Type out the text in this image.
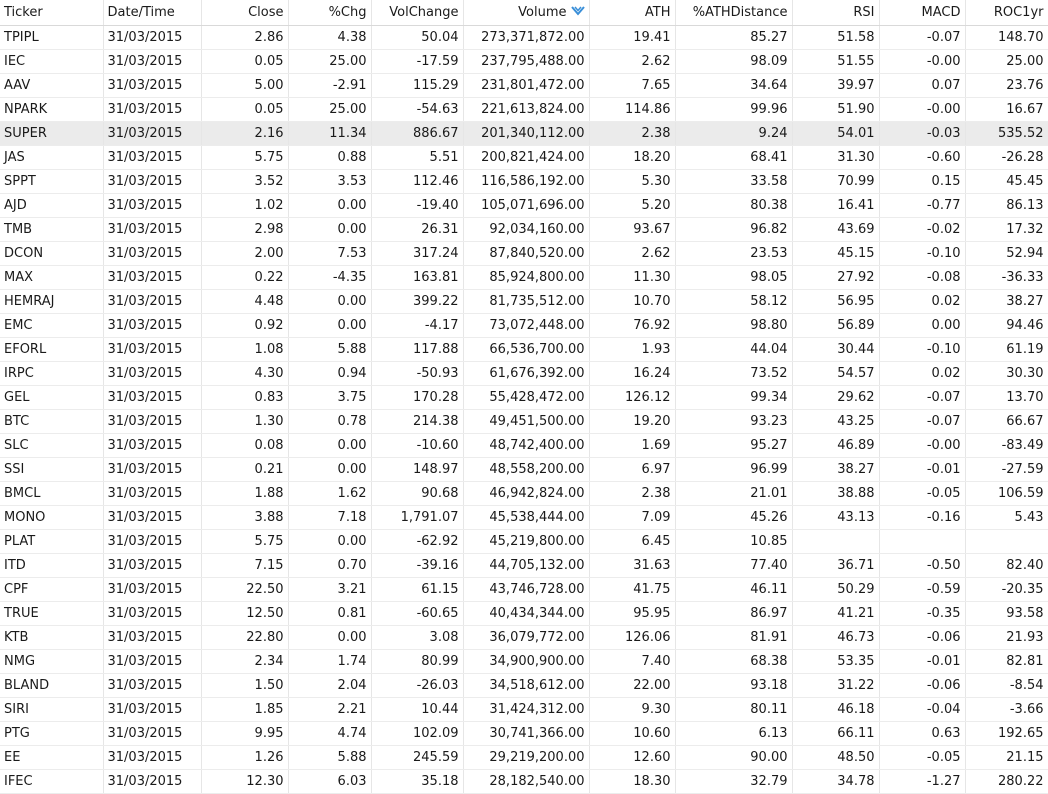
Ticker	Date/Time	Close	%Chg	VolChange	Volume	ATH	%ATHDistance	RSI	MACD	ROC1yr
TPIPL	31/03/2015	2.86	4.38	50.04	273,371,872.00	19.41	85.27	51.58	-0.07	148.70
IEC	31/03/2015	0.05	25.00	-17.59	237,795,488.00	2.62	98.09	51.55	-0.00	25.00
AAV	31/03/2015	5.00	-2.91	115.29	231,801,472.00	7.65	34.64	39.97	0.07	23.76
NPARK	31/03/2015	0.05	25.00	-54.63	221,613,824.00	114.86	99.96	51.90	-0.00	16.67
SUPER	31/03/2015	2.16	11.34	886.67	201,340,112.00	2.38	9.24	54.01	-0.03	535.52
JAS	31/03/2015	5.75	0.88	5.51	200,821,424.00	18.20	68.41	31.30	-0.60	-26.28
SPPT	31/03/2015	3.52	3.53	112.46	116,586,192.00	5.30	33.58	70.99	0.15	45.45
AJD	31/03/2015	1.02	0.00	-19.40	105,071,696.00	5.20	80.38	16.41	-0.77	86.13
TMB	31/03/2015	2.98	0.00	26.31	92,034,160.00	93.67	96.82	43.69	-0.02	17.32
DCON	31/03/2015	2.00	7.53	317.24	87,840,520.00	2.62	23.53	45.15	-0.10	52.94
MAX	31/03/2015	0.22	-4.35	163.81	85,924,800.00	11.30	98.05	27.92	-0.08	-36.33
HEMRAJ	31/03/2015	4.48	0.00	399.22	81,735,512.00	10.70	58.12	56.95	0.02	38.27
EMC	31/03/2015	0.92	0.00	-4.17	73,072,448.00	76.92	98.80	56.89	0.00	94.46
EFORL	31/03/2015	1.08	5.88	117.88	66,536,700.00	1.93	44.04	30.44	-0.10	61.19
IRPC	31/03/2015	4.30	0.94	-50.93	61,676,392.00	16.24	73.52	54.57	0.02	30.30
GEL	31/03/2015	0.83	3.75	170.28	55,428,472.00	126.12	99.34	29.62	-0.07	13.70
BTC	31/03/2015	1.30	0.78	214.38	49,451,500.00	19.20	93.23	43.25	-0.07	66.67
SLC	31/03/2015	0.08	0.00	-10.60	48,742,400.00	1.69	95.27	46.89	-0.00	-83.49
SSI	31/03/2015	0.21	0.00	148.97	48,558,200.00	6.97	96.99	38.27	-0.01	-27.59
BMCL	31/03/2015	1.88	1.62	90.68	46,942,824.00	2.38	21.01	38.88	-0.05	106.59
MONO	31/03/2015	3.88	7.18	1,791.07	45,538,444.00	7.09	45.26	43.13	-0.16	5.43
PLAT	31/03/2015	5.75	0.00	-62.92	45,219,800.00	6.45	10.85			
ITD	31/03/2015	7.15	0.70	-39.16	44,705,132.00	31.63	77.40	36.71	-0.50	82.40
CPF	31/03/2015	22.50	3.21	61.15	43,746,728.00	41.75	46.11	50.29	-0.59	-20.35
TRUE	31/03/2015	12.50	0.81	-60.65	40,434,344.00	95.95	86.97	41.21	-0.35	93.58
KTB	31/03/2015	22.80	0.00	3.08	36,079,772.00	126.06	81.91	46.73	-0.06	21.93
NMG	31/03/2015	2.34	1.74	80.99	34,900,900.00	7.40	68.38	53.35	-0.01	82.81
BLAND	31/03/2015	1.50	2.04	-26.03	34,518,612.00	22.00	93.18	31.22	-0.06	-8.54
SIRI	31/03/2015	1.85	2.21	10.44	31,424,312.00	9.30	80.11	46.18	-0.04	-3.66
PTG	31/03/2015	9.95	4.74	102.09	30,741,366.00	10.60	6.13	66.11	0.63	192.65
EE	31/03/2015	1.26	5.88	245.59	29,219,200.00	12.60	90.00	48.50	-0.05	21.15
IFEC	31/03/2015	12.30	6.03	35.18	28,182,540.00	18.30	32.79	34.78	-1.27	280.22
